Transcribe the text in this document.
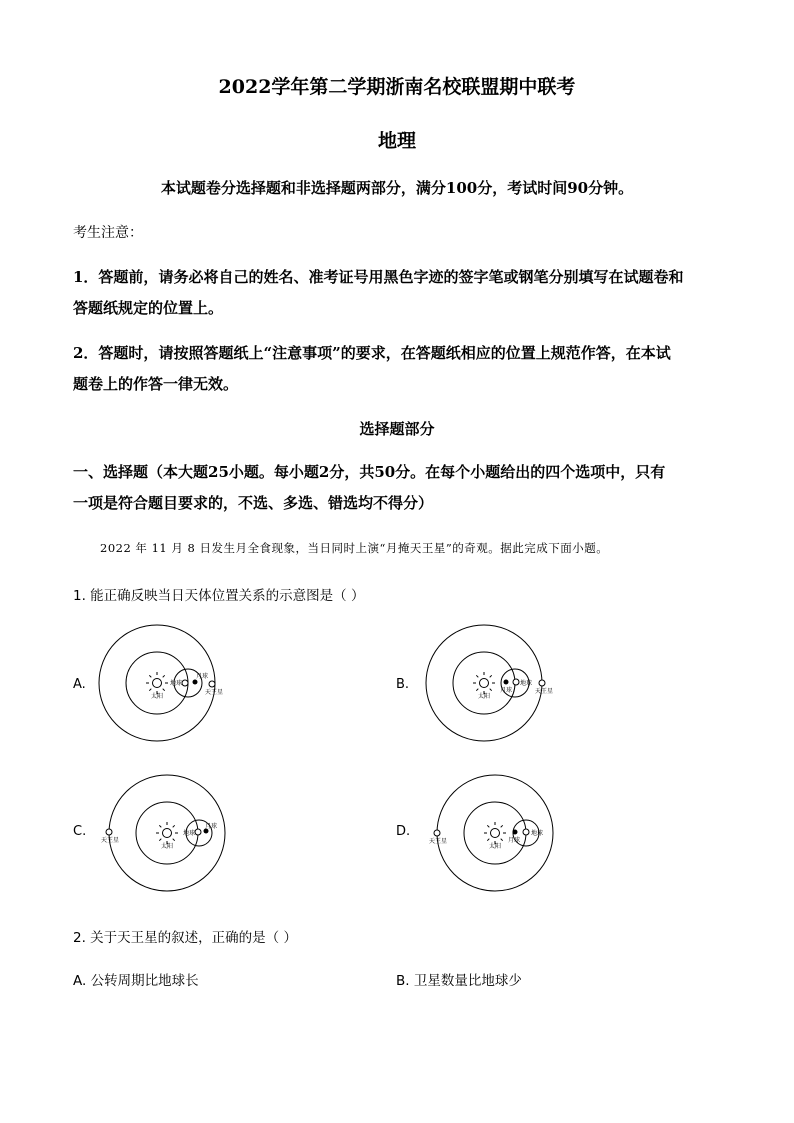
2022学年第二学期浙南名校联盟期中联考
地理
本试题卷分选择题和非选择题两部分，满分100分，考试时间90分钟。
考生注意：
1．答题前，请务必将自己的姓名、准考证号用黑色字迹的签字笔或钢笔分别填写在试题卷和
答题纸规定的位置上。
2．答题时，请按照答题纸上“注意事项”的要求，在答题纸相应的位置上规范作答，在本试
题卷上的作答一律无效。
选择题部分
一、选择题（本大题25小题。每小题2分，共50分。在每个小题给出的四个选项中，只有
一项是符合题目要求的，不选、多选、错选均不得分）
2022 年 11 月 8 日发生月全食现象，当日同时上演“月掩天王星”的奇观。据此完成下面小题。
1. 能正确反映当日天体位置关系的示意图是（ ）
A.
太阳
地球
月球
天王星
B.
太阳
月球
地球
天王星
C.
太阳
地球
月球
天王星
D.
太阳
月球
地球
天王星
2. 关于天王星的叙述，正确的是（ ）
A. 公转周期比地球长	B. 卫星数量比地球少
